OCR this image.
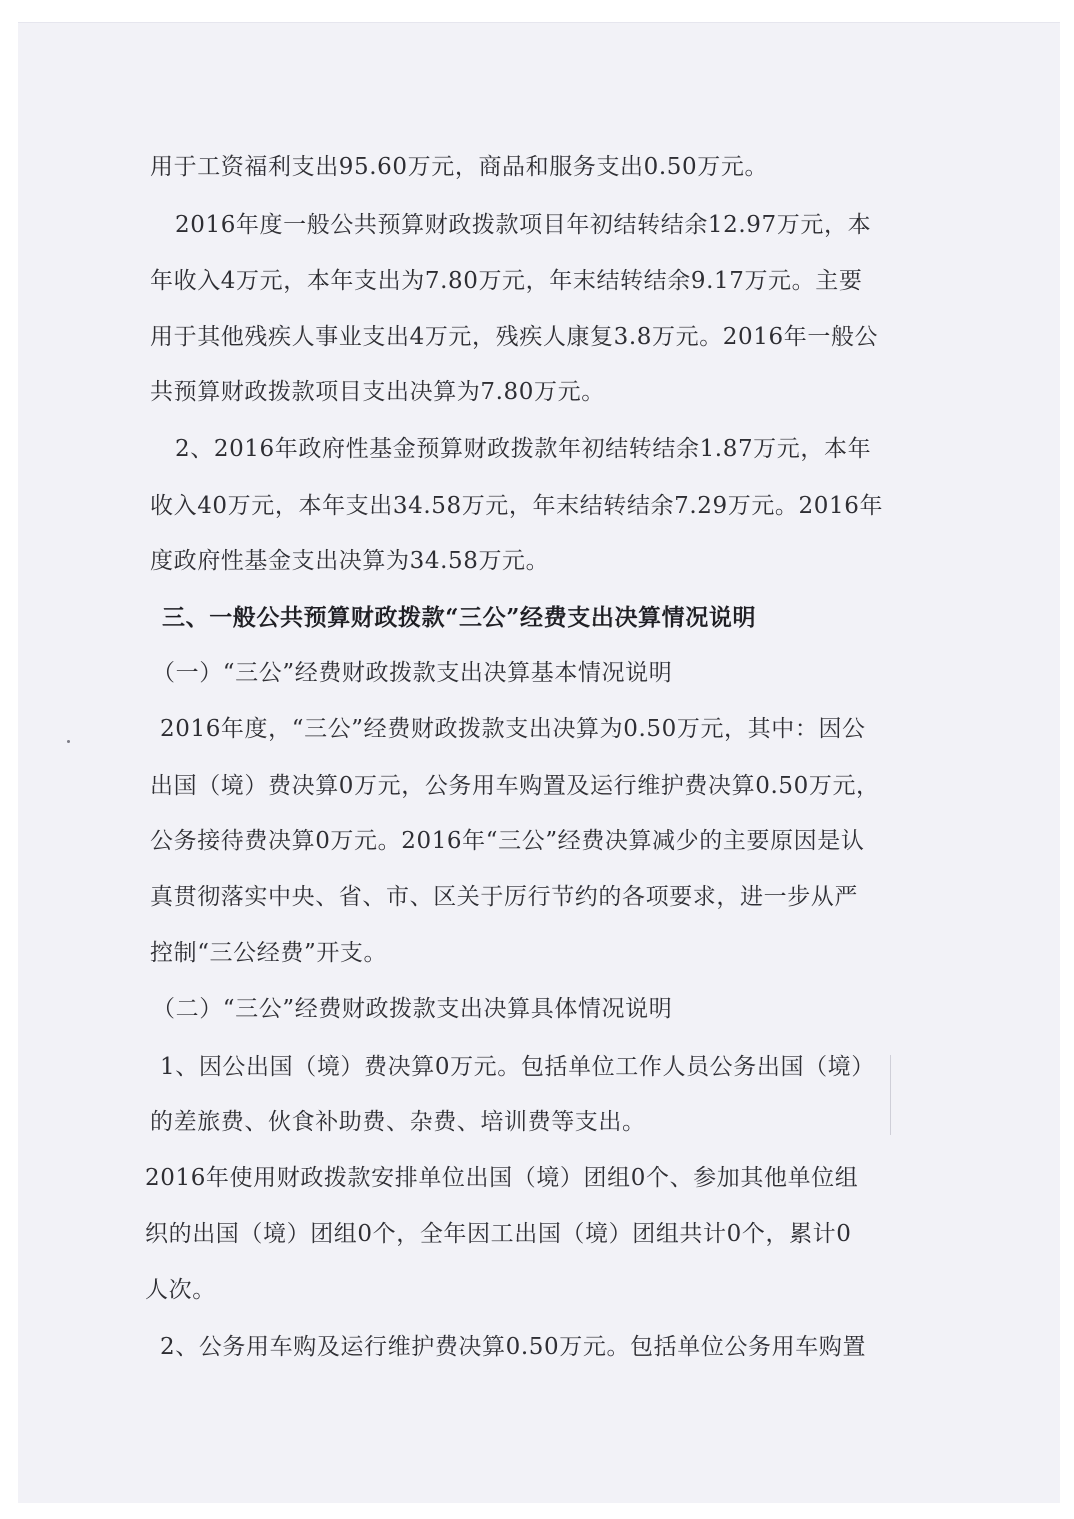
用于工资福利支出95.60万元，商品和服务支出0.50万元。
2016年度一般公共预算财政拨款项目年初结转结余12.97万元，本
年收入4万元，本年支出为7.80万元，年末结转结余9.17万元。主要
用于其他残疾人事业支出4万元，残疾人康复3.8万元。2016年一般公
共预算财政拨款项目支出决算为7.80万元。
2、2016年政府性基金预算财政拨款年初结转结余1.87万元，本年
收入40万元，本年支出34.58万元，年末结转结余7.29万元。2016年
度政府性基金支出决算为34.58万元。
三、一般公共预算财政拨款“三公”经费支出决算情况说明
（一）“三公”经费财政拨款支出决算基本情况说明
2016年度，“三公”经费财政拨款支出决算为0.50万元，其中：因公
出国（境）费决算0万元，公务用车购置及运行维护费决算0.50万元，
公务接待费决算0万元。2016年“三公”经费决算减少的主要原因是认
真贯彻落实中央、省、市、区关于厉行节约的各项要求，进一步从严
控制“三公经费”开支。
（二）“三公”经费财政拨款支出决算具体情况说明
1、因公出国（境）费决算0万元。包括单位工作人员公务出国（境）
的差旅费、伙食补助费、杂费、培训费等支出。
2016年使用财政拨款安排单位出国（境）团组0个、参加其他单位组
织的出国（境）团组0个，全年因工出国（境）团组共计0个，累计0
人次。
2、公务用车购及运行维护费决算0.50万元。包括单位公务用车购置
